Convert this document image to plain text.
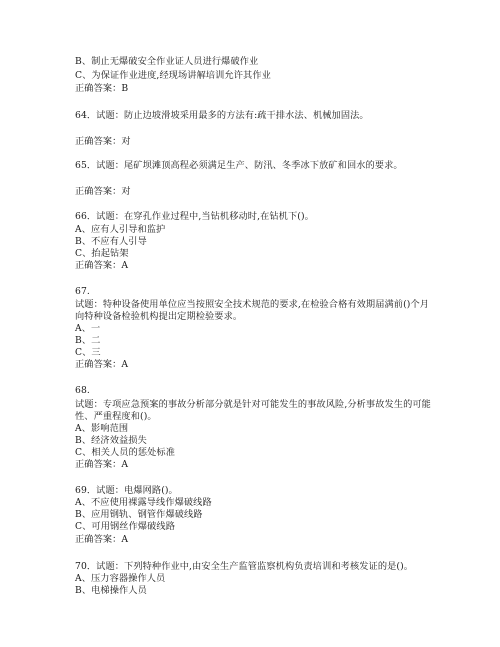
B、制止无爆破安全作业证人员进行爆破作业
C、为保证作业进度,经现场讲解培训允许其作业
正确答案：B
64．试题：防止边坡滑坡采用最多的方法有:疏干排水法、机械加固法。
正确答案：对
65．试题：尾矿坝滩顶高程必须满足生产、防汛、冬季冰下放矿和回水的要求。
正确答案：对
66．试题：在穿孔作业过程中,当钻机移动时,在钻机下()。
A、应有人引导和监护
B、不应有人引导
C、抬起钻架
正确答案：A
67.
试题：特种设备使用单位应当按照安全技术规范的要求,在检验合格有效期届满前()个月
向特种设备检验机构提出定期检验要求。
A、一
B、二
C、三
正确答案：A
68.
试题：专项应急预案的事故分析部分就是针对可能发生的事故风险,分析事故发生的可能
性、严重程度和()。
A、影响范围
B、经济效益损失
C、相关人员的惩处标准
正确答案：A
69．试题：电爆网路()。
A、不应使用裸露导线作爆破线路
B、应用钢轨、钢管作爆破线路
C、可用钢丝作爆破线路
正确答案：A
70．试题：下列特种作业中,由安全生产监管监察机构负责培训和考核发证的是()。
A、压力容器操作人员
B、电梯操作人员
